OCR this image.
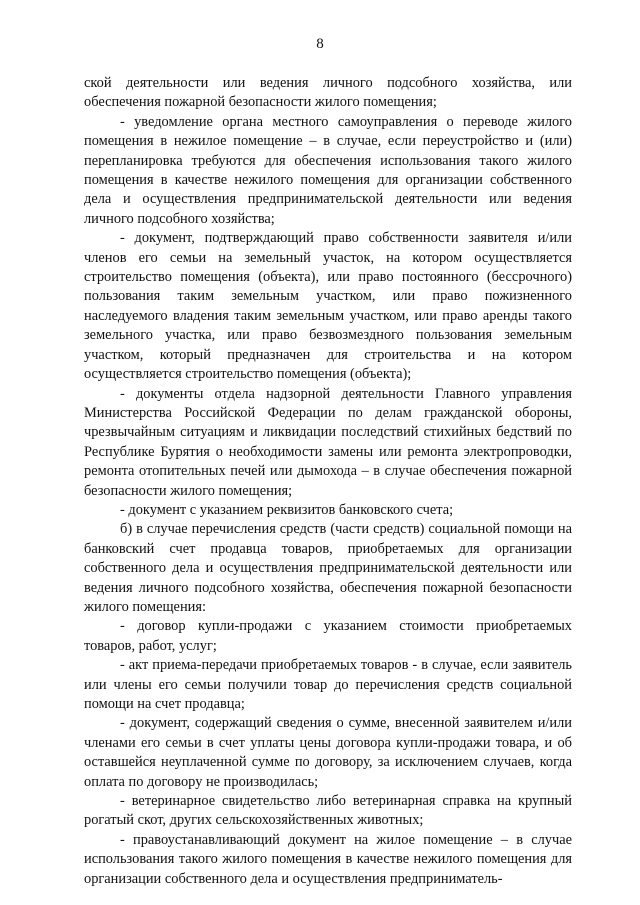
8

ской деятельности или ведения личного подсобного хозяйства, или обеспечения пожарной безопасности жилого помещения;

- уведомление органа местного самоуправления о переводе жилого помещения в нежилое помещение – в случае, если переустройство и (или) перепланировка требуются для обеспечения использования такого жилого помещения в качестве нежилого помещения для организации собственного дела и осуществления предпринимательской деятельности или ведения личного подсобного хозяйства;

- документ, подтверждающий право собственности заявителя и/или членов его семьи на земельный участок, на котором осуществляется строительство помещения (объекта), или право постоянного (бессрочного) пользования таким земельным участком, или право пожизненного наследуемого владения таким земельным участком, или право аренды такого земельного участка, или право безвозмездного пользования земельным участком, который предназначен для строительства и на котором осуществляется строительство помещения (объекта);

- документы отдела надзорной деятельности Главного управления Министерства Российской Федерации по делам гражданской обороны, чрезвычайным ситуациям и ликвидации последствий стихийных бедствий по Республике Бурятия о необходимости замены или ремонта электропроводки, ремонта отопительных печей или дымохода – в случае обеспечения пожарной безопасности жилого помещения;

- документ с указанием реквизитов банковского счета;

б) в случае перечисления средств (части средств) социальной помощи на банковский счет продавца товаров, приобретаемых для организации собственного дела и осуществления предпринимательской деятельности или ведения личного подсобного хозяйства, обеспечения пожарной безопасности жилого помещения:

- договор купли-продажи с указанием стоимости приобретаемых товаров, работ, услуг;

- акт приема-передачи приобретаемых товаров - в случае, если заявитель или члены его семьи получили товар до перечисления средств социальной помощи на счет продавца;

- документ, содержащий сведения о сумме, внесенной заявителем и/или членами его семьи в счет уплаты цены договора купли-продажи товара, и об оставшейся неуплаченной сумме по договору, за исключением случаев, когда оплата по договору не производилась;

- ветеринарное свидетельство либо ветеринарная справка на крупный рогатый скот, других сельскохозяйственных животных;

- правоустанавливающий документ на жилое помещение – в случае использования такого жилого помещения в качестве нежилого помещения для организации собственного дела и осуществления предприниматель-
